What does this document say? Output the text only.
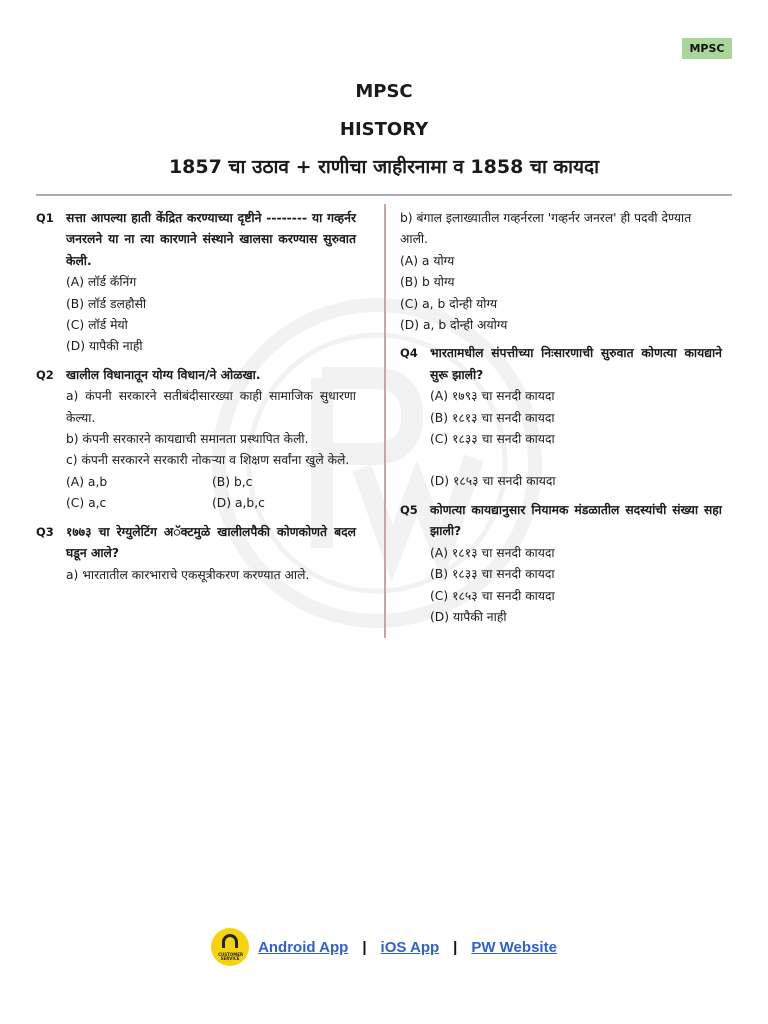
MPSC
MPSC
HISTORY
1857 चा उठाव + राणीचा जाहीरनामा व 1858 चा कायदा
Q1 सत्ता आपल्या हाती केंद्रित करण्याच्या दृष्टीने -------- या गव्हर्नर जनरलने या ना त्या कारणाने संस्थाने खालसा करण्यास सुरुवात केली.
(A) लॉर्ड कॅनिंग
(B) लॉर्ड डलहौसी
(C) लॉर्ड मेयो
(D) यापैकी नाही
Q2 खालील विधानातून योग्य विधान/ने ओळखा.
a) कंपनी सरकारने सतीबंदीसारख्या काही सामाजिक सुधारणा केल्या.
b) कंपनी सरकारने कायद्याची समानता प्रस्थापित केली.
c) कंपनी सरकारने सरकारी नोकऱ्या व शिक्षण सर्वांना खुले केले.
(A) a,b	(B) b,c
(C) a,c	(D) a,b,c
Q3 १७७३ चा रेग्युलेटिंग अॅक्टमुळे खालीलपैकी कोणकोणते बदल घडून आले?
a) भारतातील कारभाराचे एकसूत्रीकरण करण्यात आले.
b) बंगाल इलाख्यातील गव्हर्नरला 'गव्हर्नर जनरल' ही पदवी देण्यात आली.
(A) a योग्य
(B) b योग्य
(C) a, b दोन्ही योग्य
(D) a, b दोन्ही अयोग्य
Q4 भारतामधील संपत्तीच्या निःसारणाची सुरुवात कोणत्या कायद्याने सुरू झाली?
(A) १७९३ चा सनदी कायदा
(B) १८१३ चा सनदी कायदा
(C) १८३३ चा सनदी कायदा
(D) १८५३ चा सनदी कायदा
Q5 कोणत्या कायद्यानुसार नियामक मंडळातील सदस्यांची संख्या सहा झाली?
(A) १८१३ चा सनदी कायदा
(B) १८३३ चा सनदी कायदा
(C) १८५३ चा सनदी कायदा
(D) यापैकी नाही
CUSTOMER SERVICE
Android App | iOS App | PW Website
